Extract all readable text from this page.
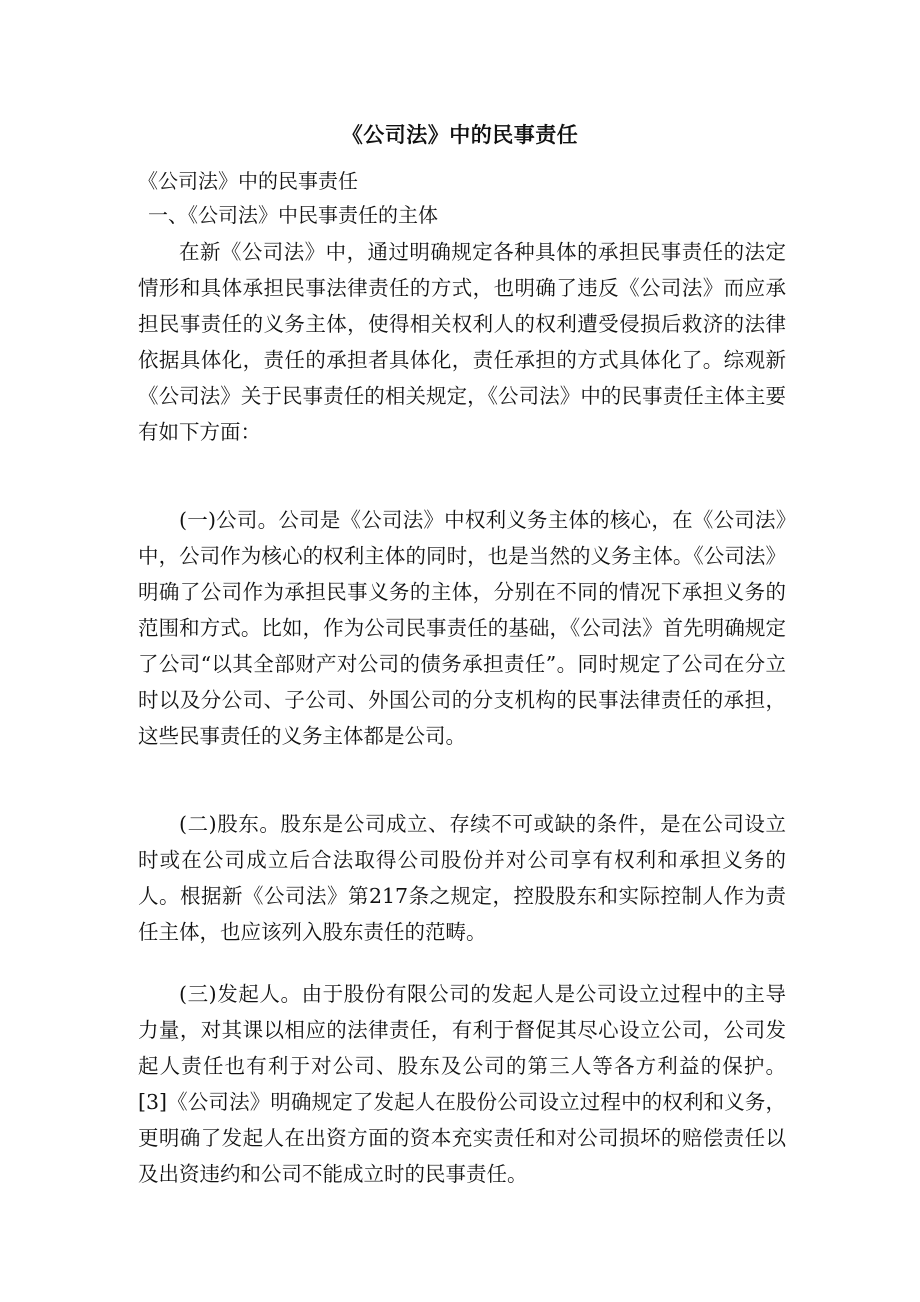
《公司法》中的民事责任
《公司法》中的民事责任
一、《公司法》中民事责任的主体
在新《公司法》中，通过明确规定各种具体的承担民事责任的法定情形和具体承担民事法律责任的方式，也明确了违反《公司法》而应承担民事责任的义务主体，使得相关权利人的权利遭受侵损后救济的法律依据具体化，责任的承担者具体化，责任承担的方式具体化了。综观新《公司法》关于民事责任的相关规定，《公司法》中的民事责任主体主要有如下方面：
(一)公司。公司是《公司法》中权利义务主体的核心，在《公司法》中，公司作为核心的权利主体的同时，也是当然的义务主体。《公司法》明确了公司作为承担民事义务的主体，分别在不同的情况下承担义务的范围和方式。比如，作为公司民事责任的基础，《公司法》首先明确规定了公司“以其全部财产对公司的债务承担责任”。同时规定了公司在分立时以及分公司、子公司、外国公司的分支机构的民事法律责任的承担，这些民事责任的义务主体都是公司。
(二)股东。股东是公司成立、存续不可或缺的条件，是在公司设立时或在公司成立后合法取得公司股份并对公司享有权利和承担义务的人。根据新《公司法》第217条之规定，控股股东和实际控制人作为责任主体，也应该列入股东责任的范畴。
(三)发起人。由于股份有限公司的发起人是公司设立过程中的主导力量，对其课以相应的法律责任，有利于督促其尽心设立公司，公司发起人责任也有利于对公司、股东及公司的第三人等各方利益的保护。 [3]《公司法》明确规定了发起人在股份公司设立过程中的权利和义务，更明确了发起人在出资方面的资本充实责任和对公司损坏的赔偿责任以及出资违约和公司不能成立时的民事责任。
